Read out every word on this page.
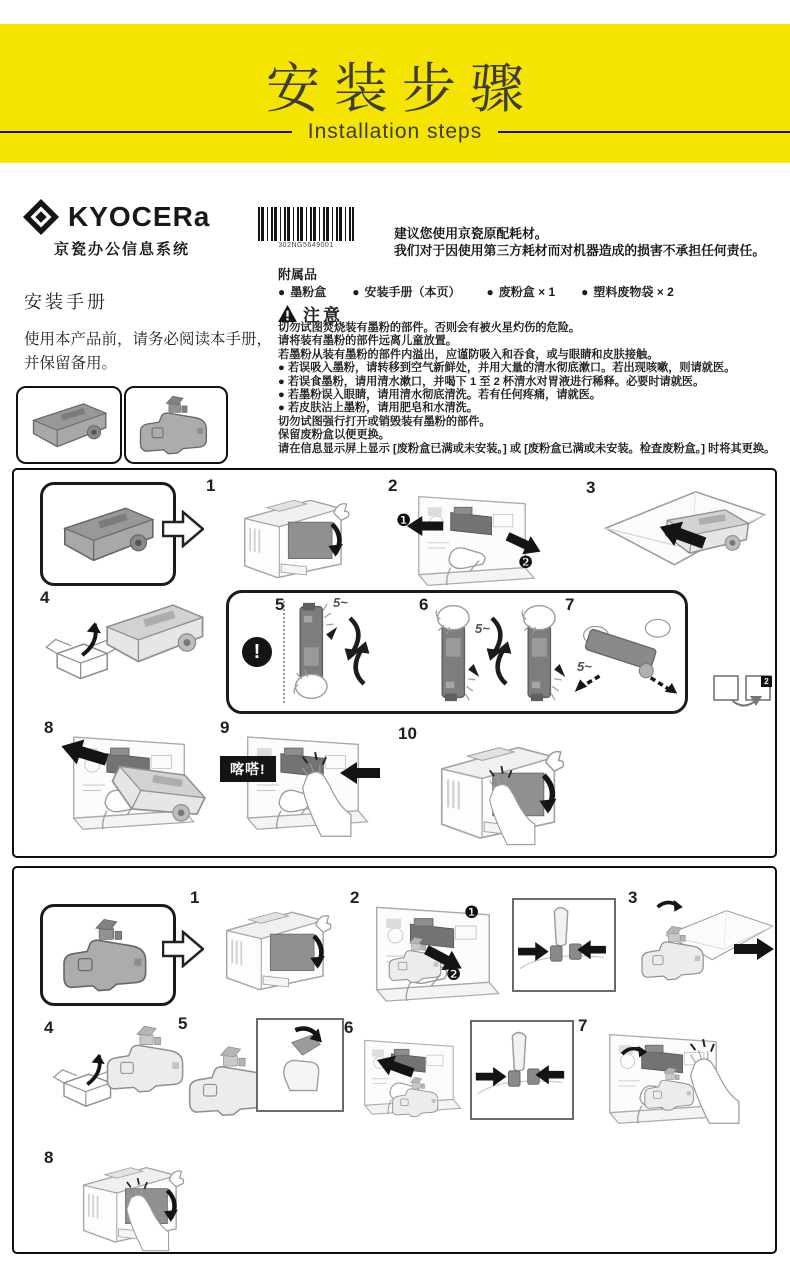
安装步骤
Installation steps
KYOCERa
京瓷办公信息系统	302NG5649001
建议您使用京瓷原配耗材。
我们对于因使用第三方耗材而对机器造成的损害不承担任何责任。
安装手册
使用本产品前，请务必阅读本手册，
并保留备用。
附属品
● 墨粉盒 ● 安装手册（本页） ● 废粉盒 × 1 ● 塑料废物袋 × 2
注意
切勿试图焚烧装有墨粉的部件。否则会有被火星灼伤的危险。
请将装有墨粉的部件远离儿童放置。
若墨粉从装有墨粉的部件内溢出，应谨防吸入和吞食，或与眼睛和皮肤接触。
● 若误吸入墨粉，请转移到空气新鲜处，并用大量的清水彻底漱口。若出现咳嗽，则请就医。
● 若误食墨粉，请用清水漱口，并喝下 1 至 2 杯清水对胃液进行稀释。必要时请就医。
● 若墨粉误入眼睛，请用清水彻底清洗。若有任何疼痛，请就医。
● 若皮肤沾上墨粉，请用肥皂和水清洗。
切勿试图强行打开或销毁装有墨粉的部件。
保留废粉盒以便更换。
请在信息显示屏上显示 [废粉盒已满或未安装。] 或 [废粉盒已满或未安装。检查废粉盒。] 时将其更换。
1	2
❶
❷
3
4
!
5	5~	6
5~
7
5~
2
8	9
喀嗒!
10
1	2
❶
❷
3
4	5	6	7
8
